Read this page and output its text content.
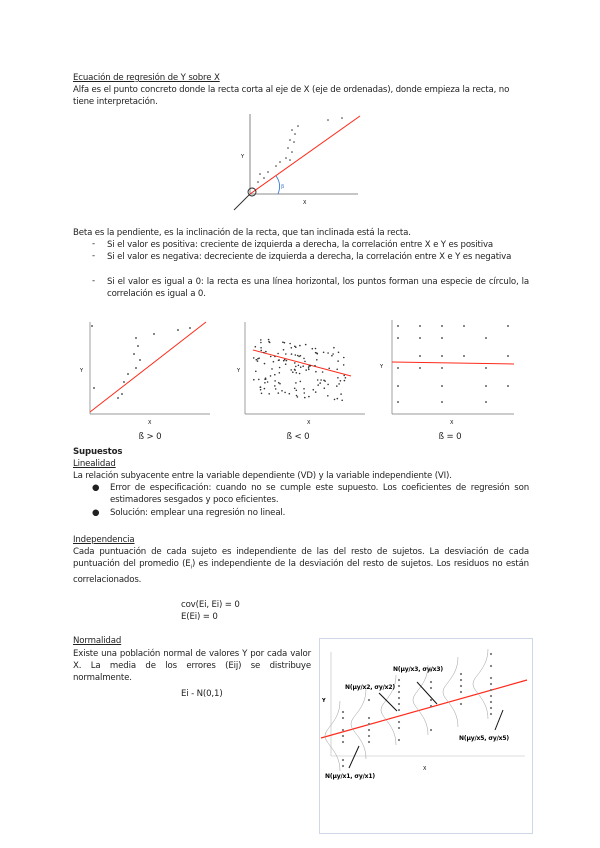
Ecuación de regresión de Y sobre X
Alfa es el punto concreto donde la recta corta al eje de X (eje de ordenadas), donde empieza la recta, no tiene interpretación.
β
Y
X
Beta es la pendiente, es la inclinación de la recta, que tan inclinada está la recta.
- Si el valor es positiva: creciente de izquierda a derecha, la correlación entre X e Y es positiva
- Si el valor es negativa: decreciente de izquierda a derecha, la correlación entre X e Y es negativa
- Si el valor es igual a 0: la recta es una línea horizontal, los puntos forman una especie de círculo, la correlación es igual a 0.
Y
X
Y
X
Y
X
ß > 0	ß < 0	ß = 0
Supuestos
Linealidad
La relación subyacente entre la variable dependiente (VD) y la variable independiente (VI).
● Error de especificación: cuando no se cumple este supuesto. Los coeficientes de regresión son estimadores sesgados y poco eficientes.
● Solución: emplear una regresión no lineal.
Independencia
Cada puntuación de cada sujeto es independiente de las del resto de sujetos. La desviación de cada puntuación del promedio $(E_i)$ es independiente de la desviación del resto de sujetos. Los residuos no están correlacionados.
cov(Ei, Ei) = 0
E(Ei) = 0
Normalidad
Existe una población normal de valores Y por cada valor X. La media de los errores (Eij) se distribuye normalmente.
Ei - N(0,1)
Y
X
N(μy/x2, σy/x2)
N(μy/x3, σy/x3)
N(μy/x5, σy/x5)
N(μy/x1, σy/x1)
